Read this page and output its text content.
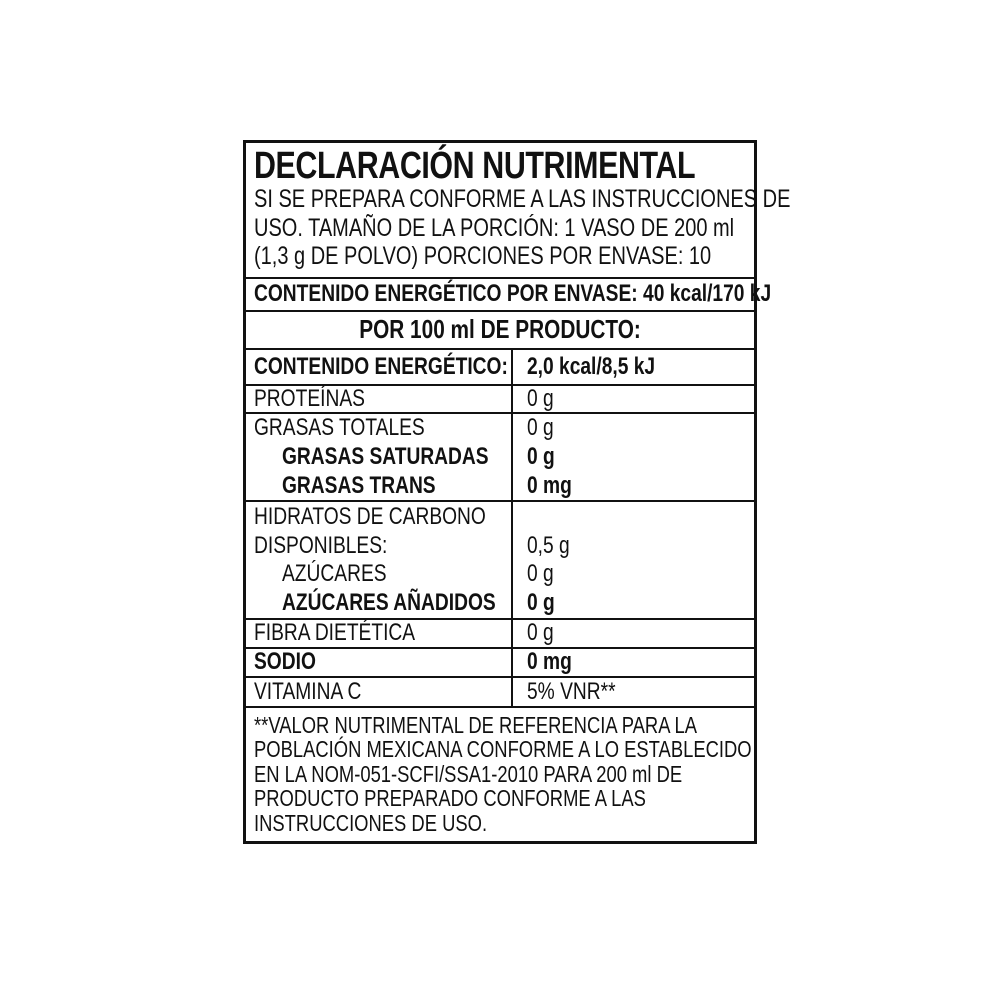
DECLARACIÓN NUTRIMENTAL
SI SE PREPARA CONFORME A LAS INSTRUCCIONES DE
USO. TAMAÑO DE LA PORCIÓN: 1 VASO DE 200 ml
(1,3 g DE POLVO) PORCIONES POR ENVASE: 10
CONTENIDO ENERGÉTICO POR ENVASE: 40 kcal/170 kJ
POR 100 ml DE PRODUCTO:
CONTENIDO ENERGÉTICO: 2,0 kcal/8,5 kJ
PROTEÍNAS	0 g
GRASAS TOTALES	0 g
GRASAS SATURADAS	0 g
GRASAS TRANS	0 mg
HIDRATOS DE CARBONO
DISPONIBLES:	0,5 g
AZÚCARES	0 g
AZÚCARES AÑADIDOS	0 g
FIBRA DIETÉTICA	0 g
SODIO	0 mg
VITAMINA C	5% VNR**
**VALOR NUTRIMENTAL DE REFERENCIA PARA LA
POBLACIÓN MEXICANA CONFORME A LO ESTABLECIDO
EN LA NOM-051-SCFI/SSA1-2010 PARA 200 ml DE
PRODUCTO PREPARADO CONFORME A LAS
INSTRUCCIONES DE USO.
